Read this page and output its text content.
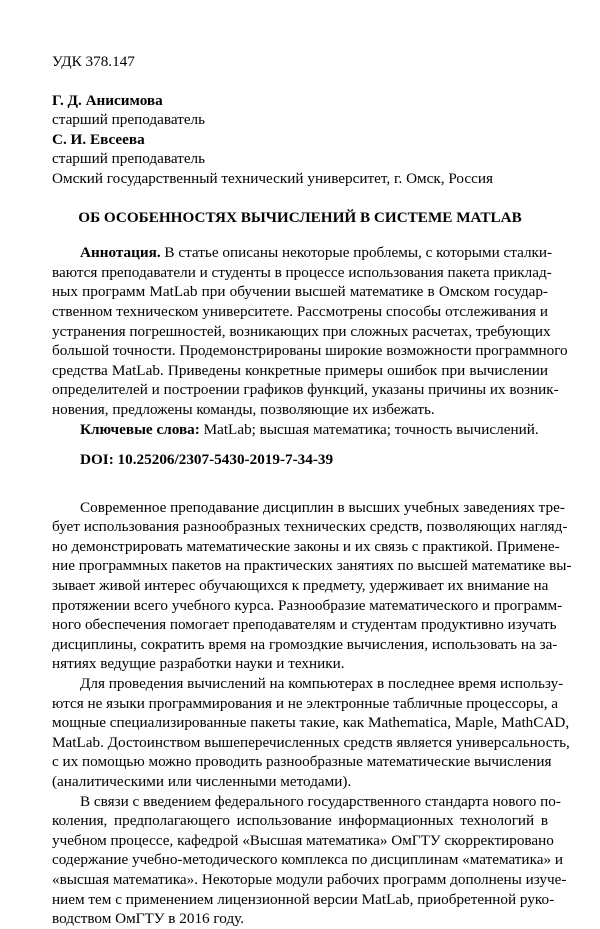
УДК 378.147
Г. Д. Анисимова
старший преподаватель
С. И. Евсеева
старший преподаватель
Омский государственный технический университет, г. Омск, Россия
ОБ ОСОБЕННОСТЯХ ВЫЧИСЛЕНИЙ В СИСТЕМЕ MATLAB
Аннотация. В статье описаны некоторые проблемы, с которыми сталки-
ваются преподаватели и студенты в процессе использования пакета приклад-
ных программ MatLab при обучении высшей математике в Омском государ-
ственном техническом университете. Рассмотрены способы отслеживания и
устранения погрешностей, возникающих при сложных расчетах, требующих
большой точности. Продемонстрированы широкие возможности программного
средства MatLab. Приведены конкретные примеры ошибок при вычислении
определителей и построении графиков функций, указаны причины их возник-
новения, предложены команды, позволяющие их избежать.
Ключевые слова: MatLab; высшая математика; точность вычислений.
DOI: 10.25206/2307-5430-2019-7-34-39
Современное преподавание дисциплин в высших учебных заведениях тре-
бует использования разнообразных технических средств, позволяющих нагляд-
но демонстрировать математические законы и их связь с практикой. Примене-
ние программных пакетов на практических занятиях по высшей математике вы-
зывает живой интерес обучающихся к предмету, удерживает их внимание на
протяжении всего учебного курса. Разнообразие математического и программ-
ного обеспечения помогает преподавателям и студентам продуктивно изучать
дисциплины, сократить время на громоздкие вычисления, использовать на за-
нятиях ведущие разработки науки и техники.
Для проведения вычислений на компьютерах в последнее время использу-
ются не языки программирования и не электронные табличные процессоры, а
мощные специализированные пакеты такие, как Mathematica, Maple, MathCAD,
MatLab. Достоинством вышеперечисленных средств является универсальность,
с их помощью можно проводить разнообразные математические вычисления
(аналитическими или численными методами).
В связи с введением федерального государственного стандарта нового по-
коления, предполагающего использование информационных технологий в
учебном процессе, кафедрой «Высшая математика» ОмГТУ скорректировано
содержание учебно-методического комплекса по дисциплинам «математика» и
«высшая математика». Некоторые модули рабочих программ дополнены изуче-
нием тем с применением лицензионной версии MatLab, приобретенной руко-
водством ОмГТУ в 2016 году.
